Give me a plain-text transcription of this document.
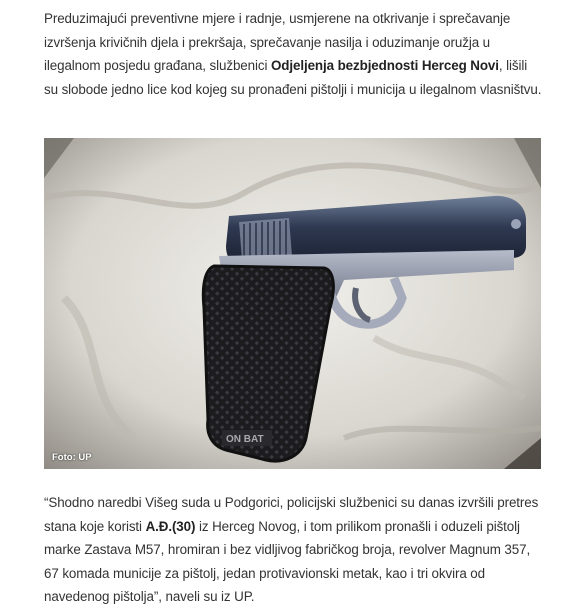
Preduzimajući preventivne mjere i radnje, usmjerene na otkrivanje i sprečavanje izvršenja krivičnih djela i prekršaja, sprečavanje nasilja i oduzimanje oružja u ilegalnom posjedu građana, službenici Odjeljenja bezbjednosti Herceg Novi, lišili su slobode jedno lice kod kojeg su pronađeni pištolji i municija u ilegalnom vlasništvu.

ON BAT
Foto: UP

“Shodno naredbi Višeg suda u Podgorici, policijski službenici su danas izvršili pretres stana koje koristi A.Đ.(30) iz Herceg Novog, i tom prilikom pronašli i oduzeli pištolj marke Zastava M57, hromiran i bez vidljivog fabričkog broja, revolver Magnum 357, 67 komada municije za pištolj, jedan protivavionski metak, kao i tri okvira od navedenog pištolja”, naveli su iz UP.
